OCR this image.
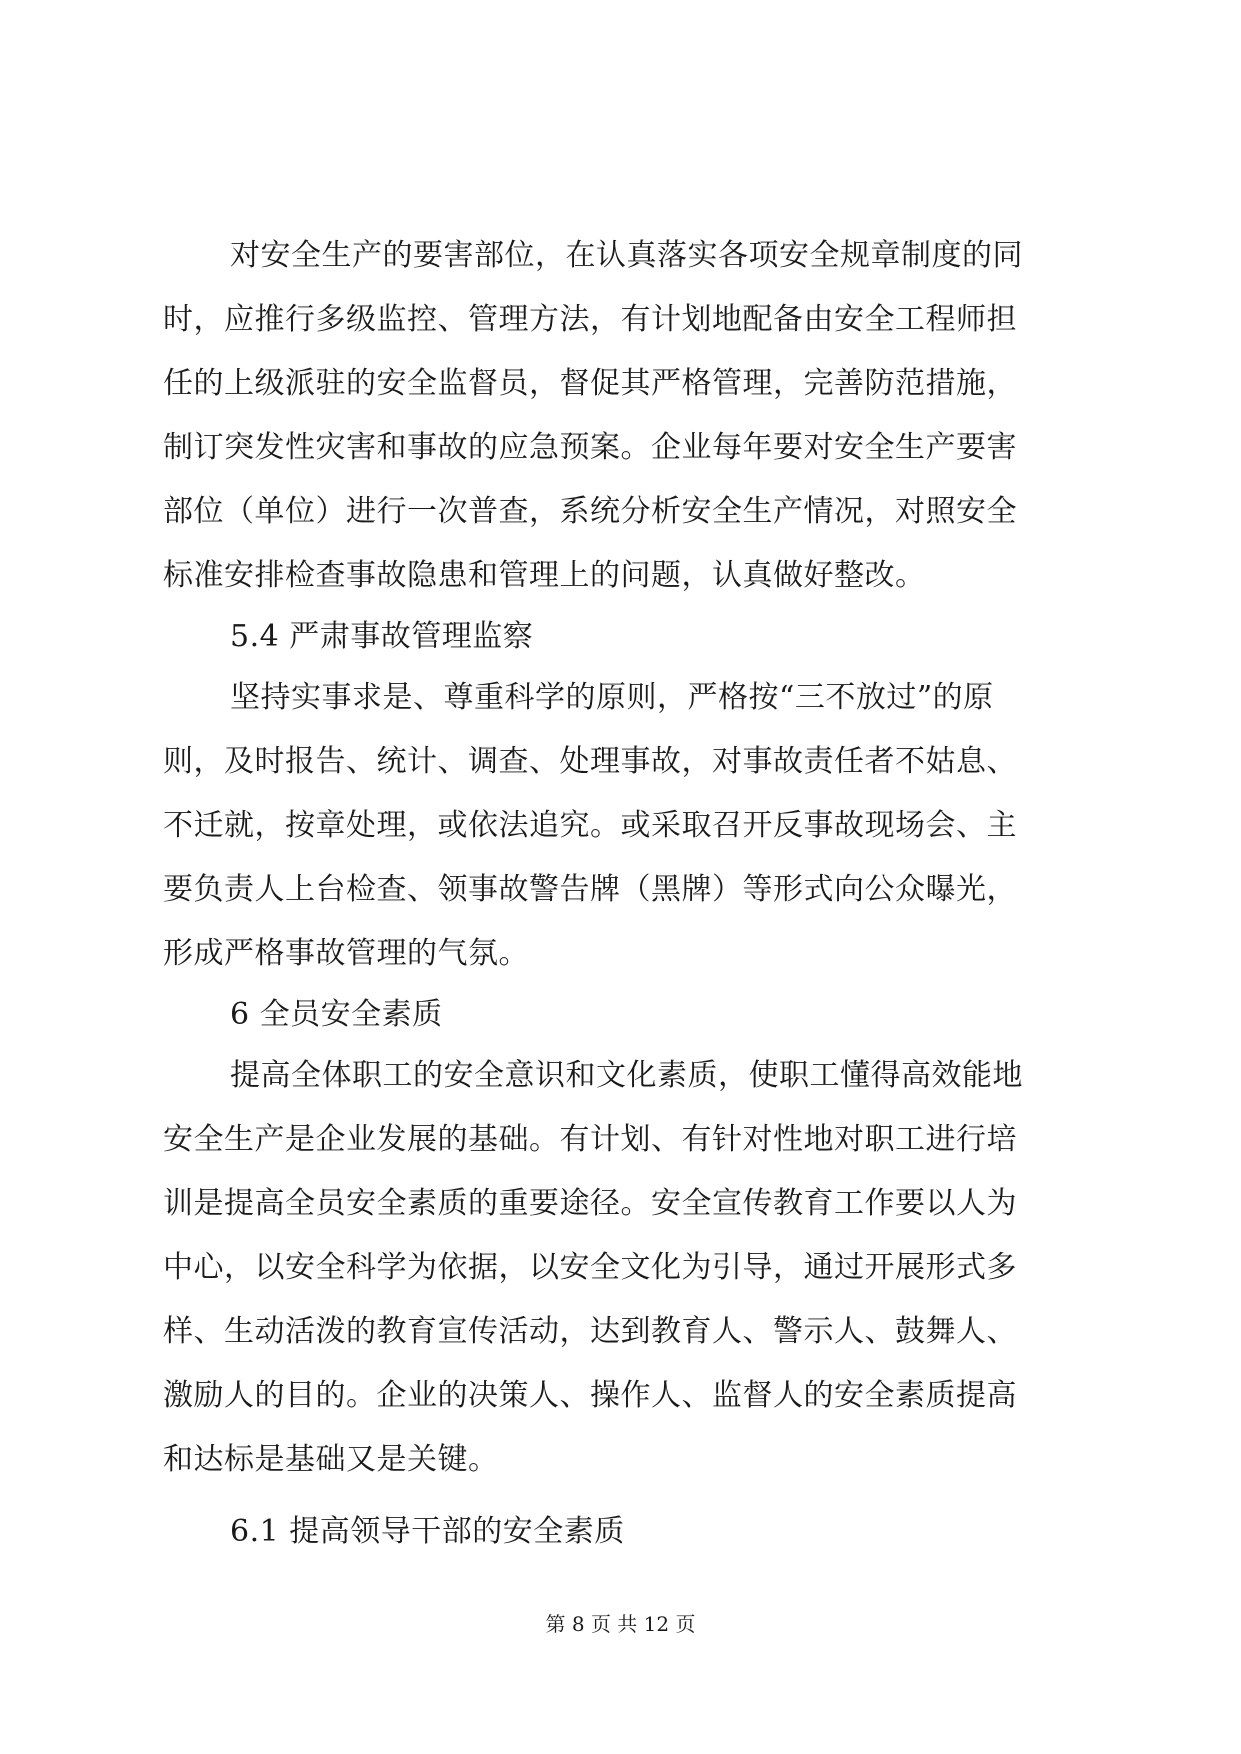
对安全生产的要害部位，在认真落实各项安全规章制度的同
时，应推行多级监控、管理方法，有计划地配备由安全工程师担
任的上级派驻的安全监督员，督促其严格管理，完善防范措施，
制订突发性灾害和事故的应急预案。企业每年要对安全生产要害
部位（单位）进行一次普查，系统分析安全生产情况，对照安全
标准安排检查事故隐患和管理上的问题，认真做好整改。
5.4 严肃事故管理监察
坚持实事求是、尊重科学的原则，严格按“三不放过”的原
则，及时报告、统计、调查、处理事故，对事故责任者不姑息、
不迁就，按章处理，或依法追究。或采取召开反事故现场会、主
要负责人上台检查、领事故警告牌（黑牌）等形式向公众曝光，
形成严格事故管理的气氛。
6 全员安全素质
提高全体职工的安全意识和文化素质，使职工懂得高效能地
安全生产是企业发展的基础。有计划、有针对性地对职工进行培
训是提高全员安全素质的重要途径。安全宣传教育工作要以人为
中心，以安全科学为依据，以安全文化为引导，通过开展形式多
样、生动活泼的教育宣传活动，达到教育人、警示人、鼓舞人、
激励人的目的。企业的决策人、操作人、监督人的安全素质提高
和达标是基础又是关键。
6.1 提高领导干部的安全素质
第 8 页 共 12 页
